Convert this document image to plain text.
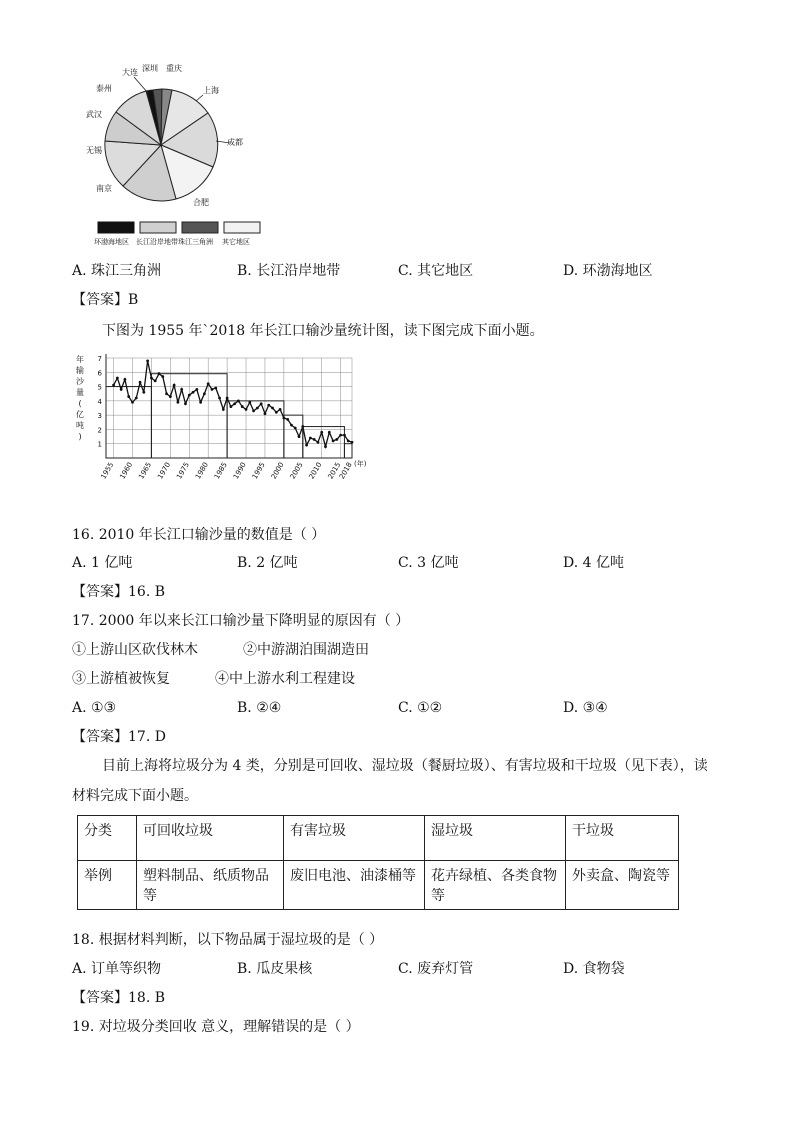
大连 深圳 重庆
上海
成都
合肥
南京
无锡
武汉
泰州
环渤海地区 长江沿岸地带 珠江三角洲 其它地区
A. 珠江三角洲	B. 长江沿岸地带	C. 其它地区	D. 环渤海地区
【答案】B
下图为 1955 年`2018 年长江口输沙量统计图，读下图完成下面小题。
1
2
3
4
5
6
7
1955 1960 1965 1970 1975 1980 1985 1990 1995 2000 2005 2010 2015
2018
年
输
沙
量
(
亿
吨
)
(年)
16. 2010 年长江口输沙量的数值是（ ）
A. 1 亿吨	B. 2 亿吨	C. 3 亿吨	D. 4 亿吨
【答案】16. B
17. 2000 年以来长江口输沙量下降明显的原因有（ ）
①上游山区砍伐林木	②中游湖泊围湖造田
③上游植被恢复	④中上游水利工程建设
A. ①③	B. ②④	C. ①②	D. ③④
【答案】17. D
目前上海将垃圾分为 4 类，分别是可回收、湿垃圾（餐厨垃圾）、有害垃圾和干垃圾（见下表），读
材料完成下面小题。
分类	可回收垃圾	有害垃圾	湿垃圾	干垃圾
举例	塑料制品、纸质物品等	废旧电池、油漆桶等	花卉绿植、各类食物等	外卖盒、陶瓷等
18. 根据材料判断，以下物品属于湿垃圾的是（ ）
A. 订单等织物	B. 瓜皮果核	C. 废弃灯管	D. 食物袋
【答案】18. B
19. 对垃圾分类回收 意义，理解错误的是（ ）
